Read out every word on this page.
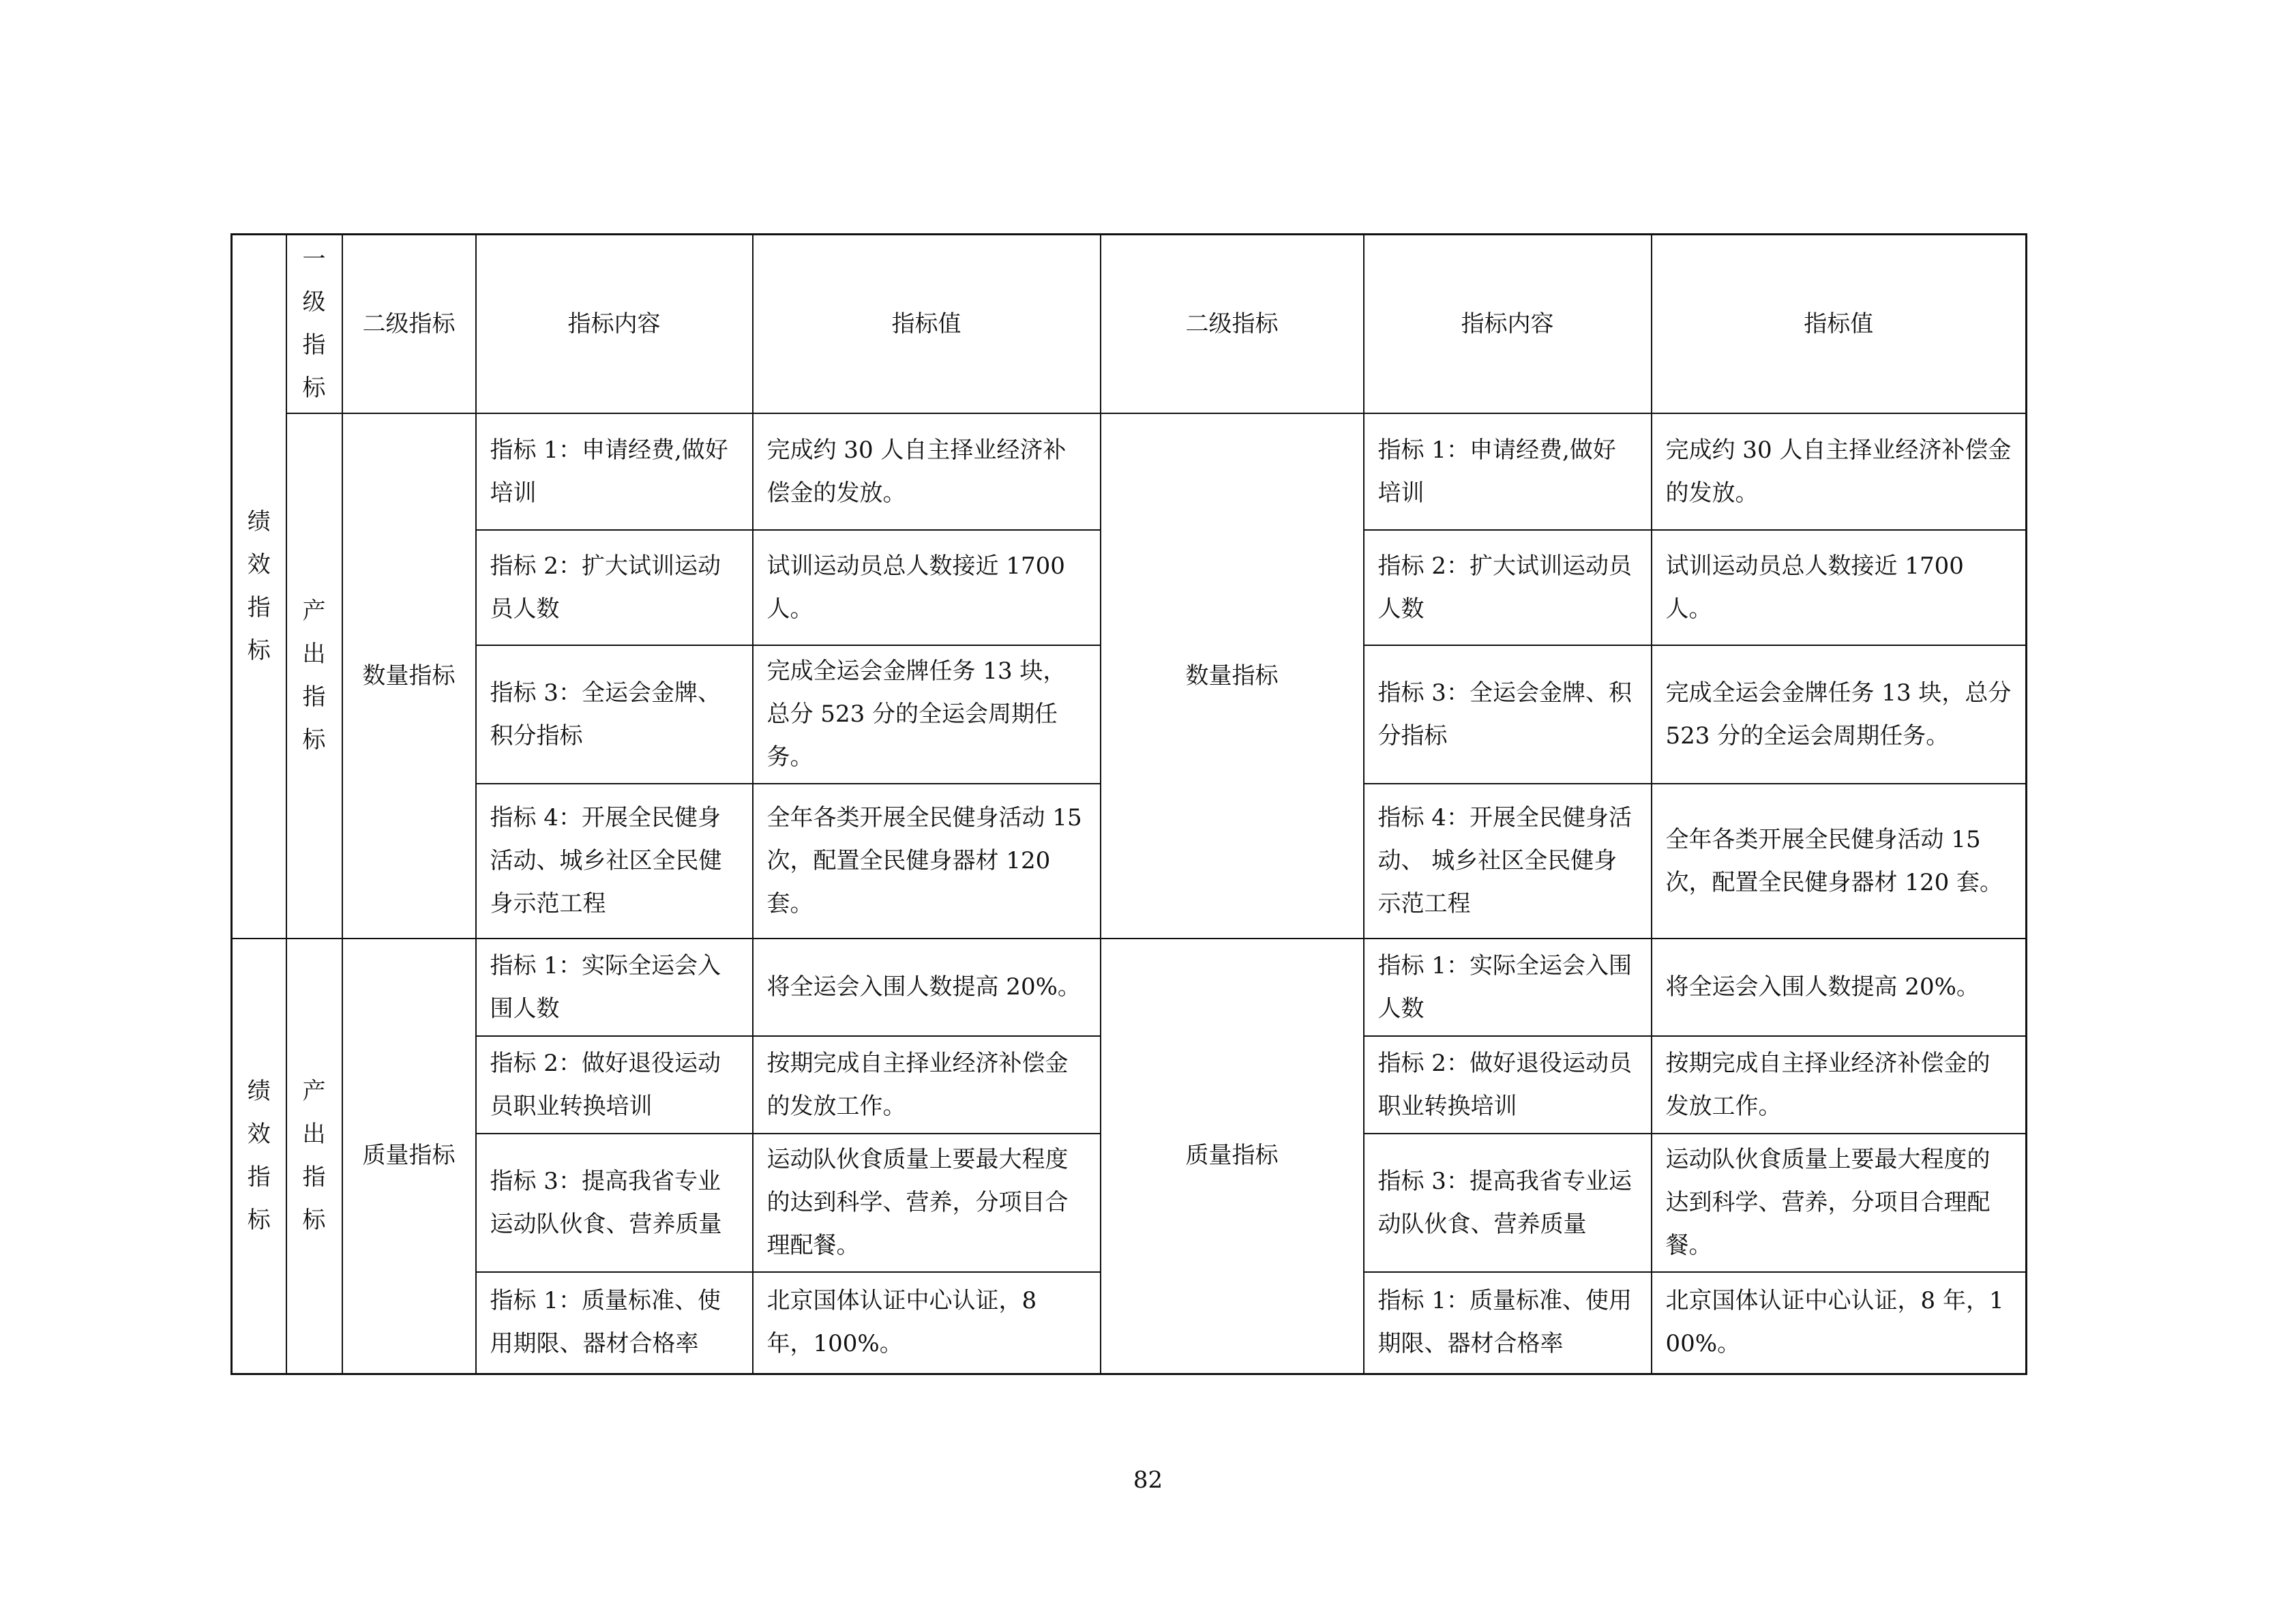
绩效指标	一级指标	二级指标	指标内容	指标值	二级指标	指标内容	指标值
	产出指标	数量指标	指标 1：申请经费,做好培训	完成约 30 人自主择业经济补偿金的发放。	数量指标	指标 1：申请经费,做好培训	完成约 30 人自主择业经济补偿金的发放。
			指标 2：扩大试训运动员人数	试训运动员总人数接近 1700 人。		指标 2：扩大试训运动员人数	试训运动员总人数接近 1700 人。
			指标 3：全运会金牌、积分指标	完成全运会金牌任务 13 块，总分 523 分的全运会周期任务。		指标 3：全运会金牌、积分指标	完成全运会金牌任务 13 块，总分 523 分的全运会周期任务。
			指标 4：开展全民健身活动、城乡社区全民健身示范工程	全年各类开展全民健身活动 15 次，配置全民健身器材 120 套。		指标 4：开展全民健身活动、 城乡社区全民健身示范工程	全年各类开展全民健身活动 15 次，配置全民健身器材 120 套。
绩效指标	产出指标	质量指标	指标 1：实际全运会入围人数	将全运会入围人数提高 20%。	质量指标	指标 1：实际全运会入围人数	将全运会入围人数提高 20%。
			指标 2：做好退役运动员职业转换培训	按期完成自主择业经济补偿金的发放工作。		指标 2：做好退役运动员职业转换培训	按期完成自主择业经济补偿金的发放工作。
			指标 3：提高我省专业运动队伙食、营养质量	运动队伙食质量上要最大程度的达到科学、营养，分项目合理配餐。		指标 3：提高我省专业运动队伙食、营养质量	运动队伙食质量上要最大程度的达到科学、营养，分项目合理配餐。
			指标 1：质量标准、使用期限、器材合格率	北京国体认证中心认证，8 年，100%。		指标 1：质量标准、使用期限、器材合格率	北京国体认证中心认证，8 年，100%。
82
